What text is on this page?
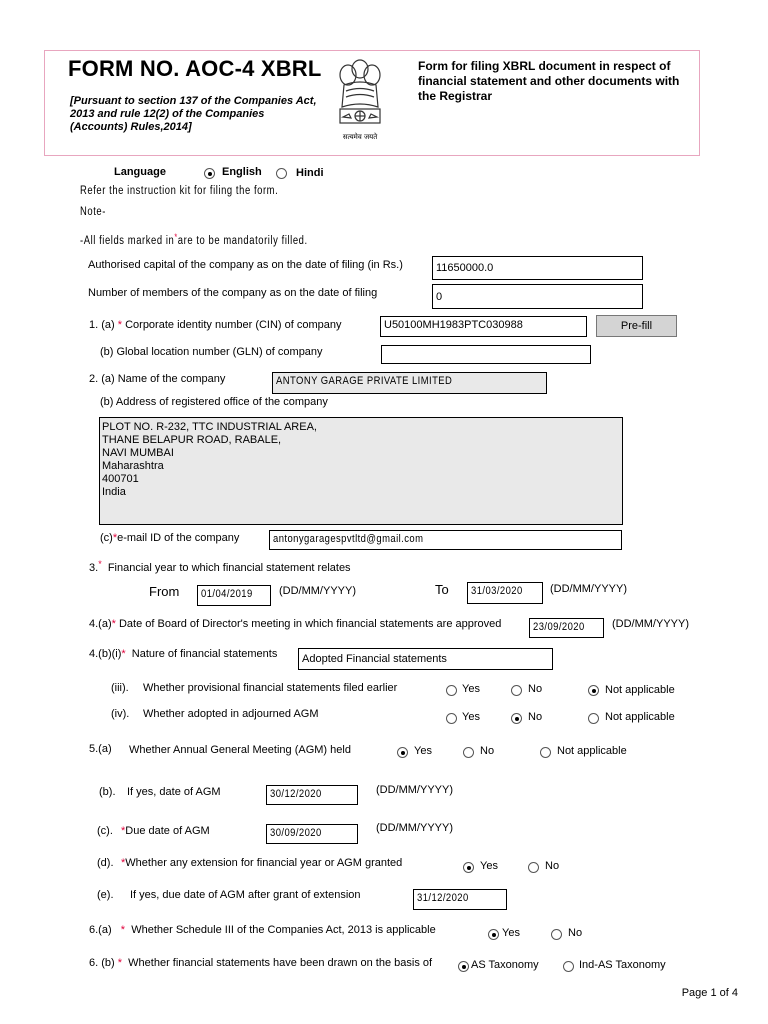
FORM NO. AOC-4 XBRL
[Pursuant to section 137 of the Companies Act, 2013 and rule 12(2) of the Companies (Accounts) Rules,2014]
सत्यमेव जयते
Form for filing XBRL document in respect of financial statement and other documents with the Registrar
Language	English	Hindi
Refer the instruction kit for filing the form.
Note-
-All fields marked in*are to be mandatorily filled.
Authorised capital of the company as on the date of filing (in Rs.)	11650000.0
Number of members of the company as on the date of filing	0
1. (a) * Corporate identity number (CIN) of company	U50100MH1983PTC030988	Pre-fill
(b) Global location number (GLN) of company
2. (a) Name of the company	ANTONY GARAGE PRIVATE LIMITED
(b) Address of registered office of the company
PLOT NO. R-232, TTC INDUSTRIAL AREA,
THANE BELAPUR ROAD, RABALE,
NAVI MUMBAI
Maharashtra
400701
India
(c)*e-mail ID of the company	antonygaragespvtltd@gmail.com
3.* Financial year to which financial statement relates
From	01/04/2019	(DD/MM/YYYY)	To	31/03/2020	(DD/MM/YYYY)
4.(a)* Date of Board of Director's meeting in which financial statements are approved	23/09/2020	(DD/MM/YYYY)
4.(b)(i)* Nature of financial statements	Adopted Financial statements
(iii). Whether provisional financial statements filed earlier	Yes	No	Not applicable
(iv). Whether adopted in adjourned AGM	Yes	No	Not applicable
5.(a) Whether Annual General Meeting (AGM) held	Yes	No	Not applicable
(b). If yes, date of AGM	30/12/2020	(DD/MM/YYYY)
(c). *Due date of AGM	30/09/2020	(DD/MM/YYYY)
(d). *Whether any extension for financial year or AGM granted	Yes	No
(e). If yes, due date of AGM after grant of extension	31/12/2020
6.(a) * Whether Schedule III of the Companies Act, 2013 is applicable	Yes	No
6. (b) * Whether financial statements have been drawn on the basis of	AS Taxonomy	Ind-AS Taxonomy
Page 1 of 4
